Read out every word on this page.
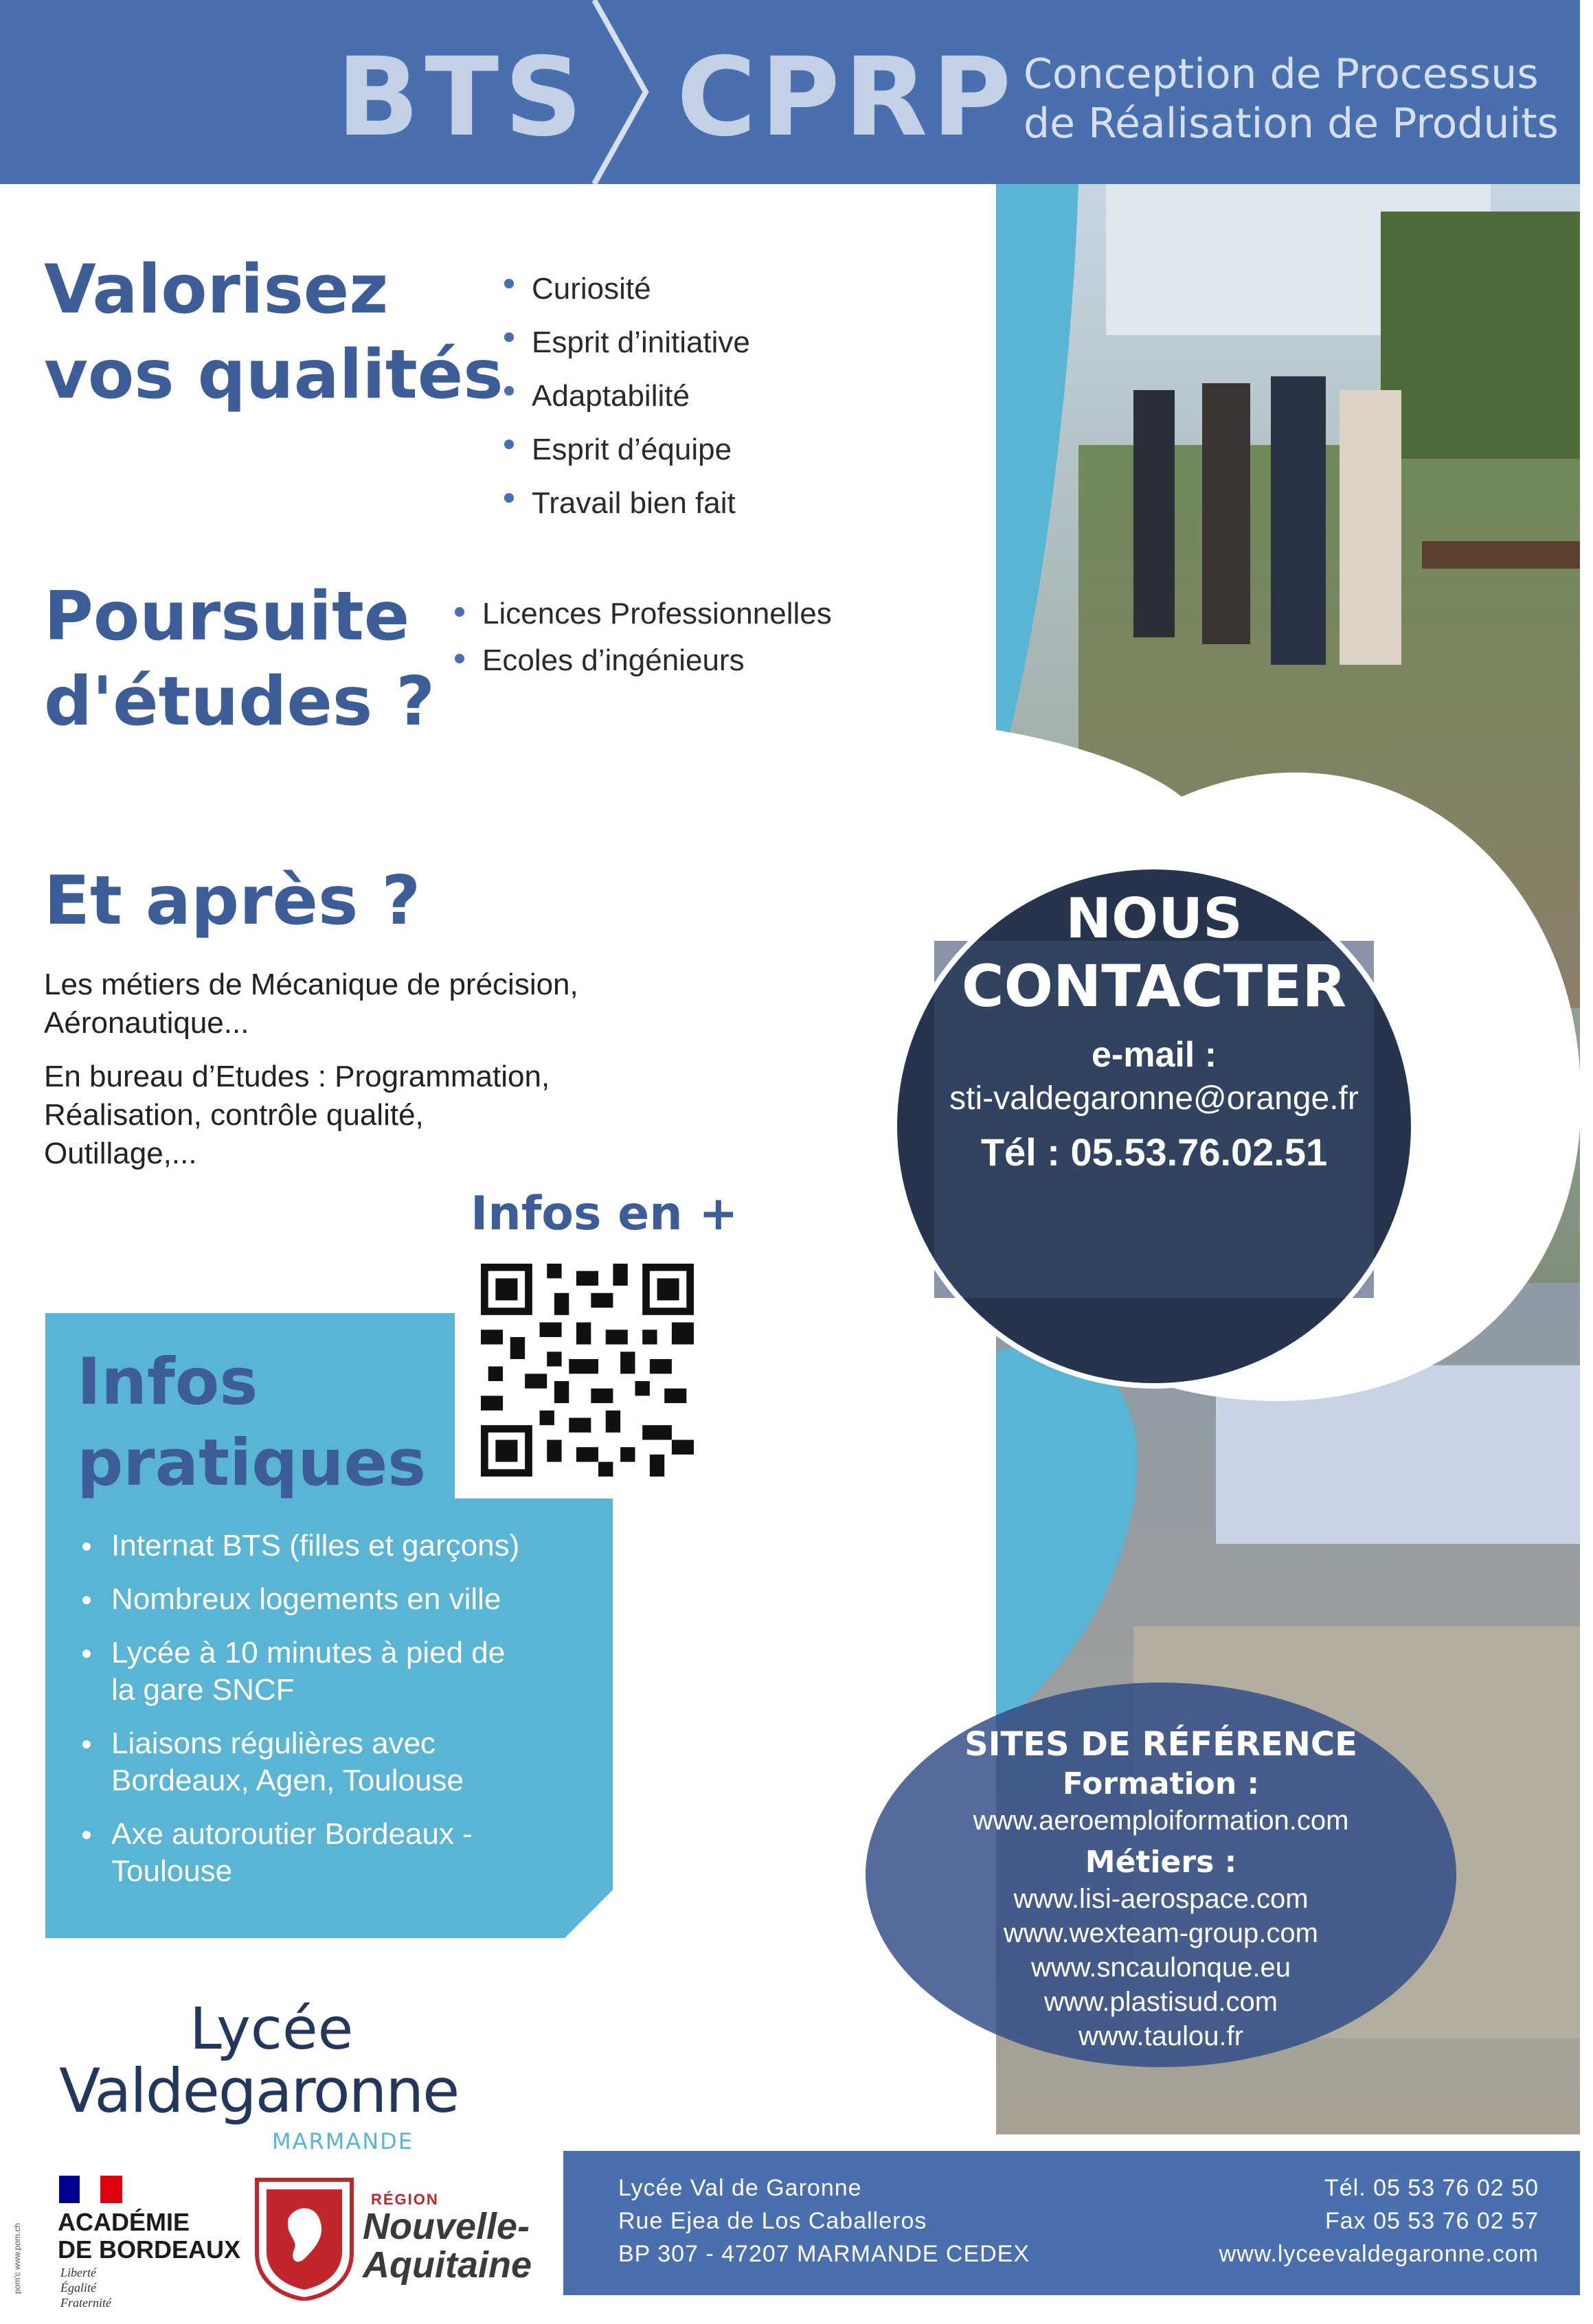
BTS CPRP Conception de Processus
de Réalisation de Produits
Valorisez
vos qualités
Curiosité
Esprit d’initiative
Adaptabilité
Esprit d’équipe
Travail bien fait
Poursuite
d'études ?
Licences Professionnelles
Ecoles d’ingénieurs
Et après ?
Les métiers de Mécanique de précision,
Aéronautique...
En bureau d’Etudes : Programmation,
Réalisation, contrôle qualité,
Outillage,...
Infos en +
Infos
pratiques
Internat BTS (filles et garçons)
Nombreux logements en ville
Lycée à 10 minutes à pied de
la gare SNCF
Liaisons régulières avec
Bordeaux, Agen, Toulouse
Axe autoroutier Bordeaux -
Toulouse
NOUS
CONTACTER
e-mail :
sti-valdegaronne@orange.fr
Tél : 05.53.76.02.51
SITES DE RÉFÉRENCE
Formation :
www.aeroemploiformation.com
Métiers :
www.lisi-aerospace.com
www.wexteam-group.com
www.sncaulonque.eu
www.plastisud.com
www.taulou.fr
Lycée
Valdegaronne
MARMANDE
ACADÉMIE
DE BORDEAUX
Liberté
Égalité
Fraternité
RÉGION
Nouvelle-
Aquitaine
Lycée Val de Garonne
Rue Ejea de Los Caballeros
BP 307 - 47207 MARMANDE CEDEX
Tél. 05 53 76 02 50
Fax 05 53 76 02 57
www.lyceevaldegaronne.com
pom'c www.pom.ch
